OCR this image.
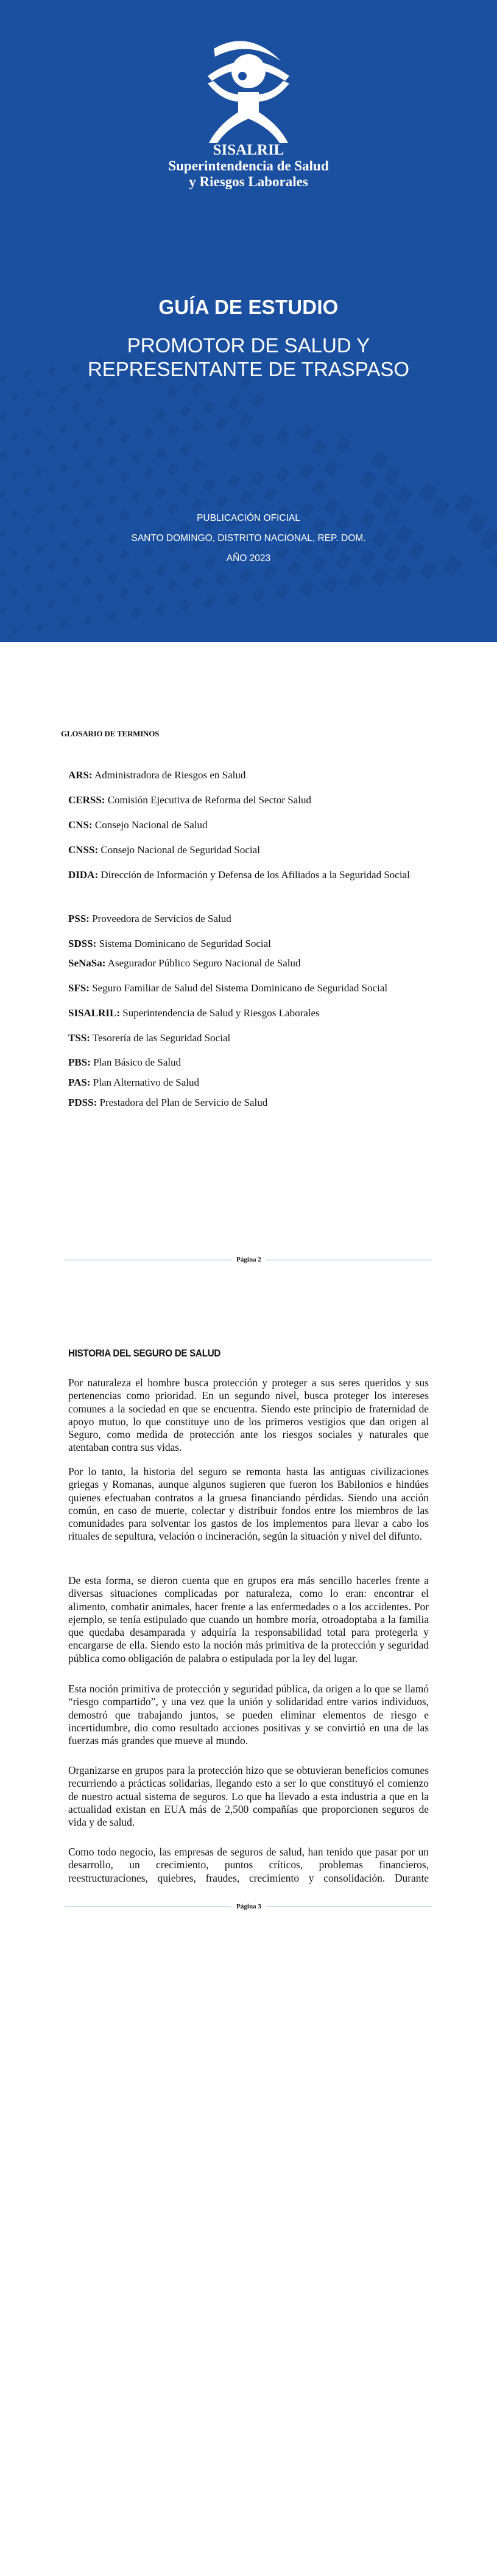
SISALRIL
Superintendencia de Salud
y Riesgos Laborales
GUÍA DE ESTUDIO
PROMOTOR DE SALUD Y
REPRESENTANTE DE TRASPASO
PUBLICACIÓN OFICIAL
SANTO DOMINGO, DISTRITO NACIONAL, REP. DOM.
AÑO 2023
GLOSARIO DE TERMINOS
ARS: Administradora de Riesgos en Salud
CERSS: Comisión Ejecutiva de Reforma del Sector Salud
CNS: Consejo Nacional de Salud
CNSS: Consejo Nacional de Seguridad Social
DIDA: Dirección de Información y Defensa de los Afiliados a la Seguridad Social
PSS: Proveedora de Servicios de Salud
SDSS: Sistema Dominicano de Seguridad Social
SeNaSa: Asegurador Público Seguro Nacional de Salud
SFS: Seguro Familiar de Salud del Sistema Dominicano de Seguridad Social
SISALRIL: Superintendencia de Salud y Riesgos Laborales
TSS: Tesorería de las Seguridad Social
PBS: Plan Básico de Salud
PAS: Plan Alternativo de Salud
PDSS: Prestadora del Plan de Servicio de Salud
Página 2
HISTORIA DEL SEGURO DE SALUD

Por naturaleza el hombre busca protección y proteger a sus seres queridos y sus pertenencias como prioridad. En un segundo nivel, busca proteger los intereses comunes a la sociedad en que se encuentra. Siendo este principio de fraternidad de apoyo mutuo, lo que constituye uno de los primeros vestigios que dan origen al Seguro, como medida de protección ante los riesgos sociales y naturales que atentaban contra sus vidas.

Por lo tanto, la historia del seguro se remonta hasta las antiguas civilizaciones griegas y Romanas, aunque algunos sugieren que fueron los Babilonios e hindúes quienes efectuaban contratos a la gruesa financiando pérdidas. Siendo una acción común, en caso de muerte, colectar y distribuir fondos entre los miembros de las comunidades para solventar los gastos de los implementos para llevar a cabo los rituales de sepultura, velación o incineración, según la situación y nivel del difunto.

De esta forma, se dieron cuenta que en grupos era más sencillo hacerles frente a diversas situaciones complicadas por naturaleza, como lo eran: encontrar el alimento, combatir animales, hacer frente a las enfermedades o a los accidentes. Por ejemplo, se tenía estipulado que cuando un hombre moría, otroadoptaba a la familia que quedaba desamparada y adquiría la responsabilidad total para protegerla y encargarse de ella. Siendo esto la noción más primitiva de la protección y seguridad pública como obligación de palabra o estipulada por la ley del lugar.

Esta noción primitiva de protección y seguridad pública, da origen a lo que se llamó “riesgo compartido”, y una vez que la unión y solidaridad entre varios individuos, demostró que trabajando juntos, se pueden eliminar elementos de riesgo e incertidumbre, dio como resultado acciones positivas y se convirtió en una de las fuerzas más grandes que mueve al mundo.

Organizarse en grupos para la protección hizo que se obtuvieran beneficios comunes recurriendo a prácticas solidarias, llegando esto a ser lo que constituyó el comienzo de nuestro actual sistema de seguros. Lo que ha llevado a esta industria a que en la actualidad existan en EUA más de 2,500 compañías que proporcionen seguros de vida y de salud.

Como todo negocio, las empresas de seguros de salud, han tenido que pasar por un desarrollo, un crecimiento, puntos críticos, problemas financieros, reestructuraciones, quiebres, fraudes, crecimiento y consolidación. Durante

Página 3
